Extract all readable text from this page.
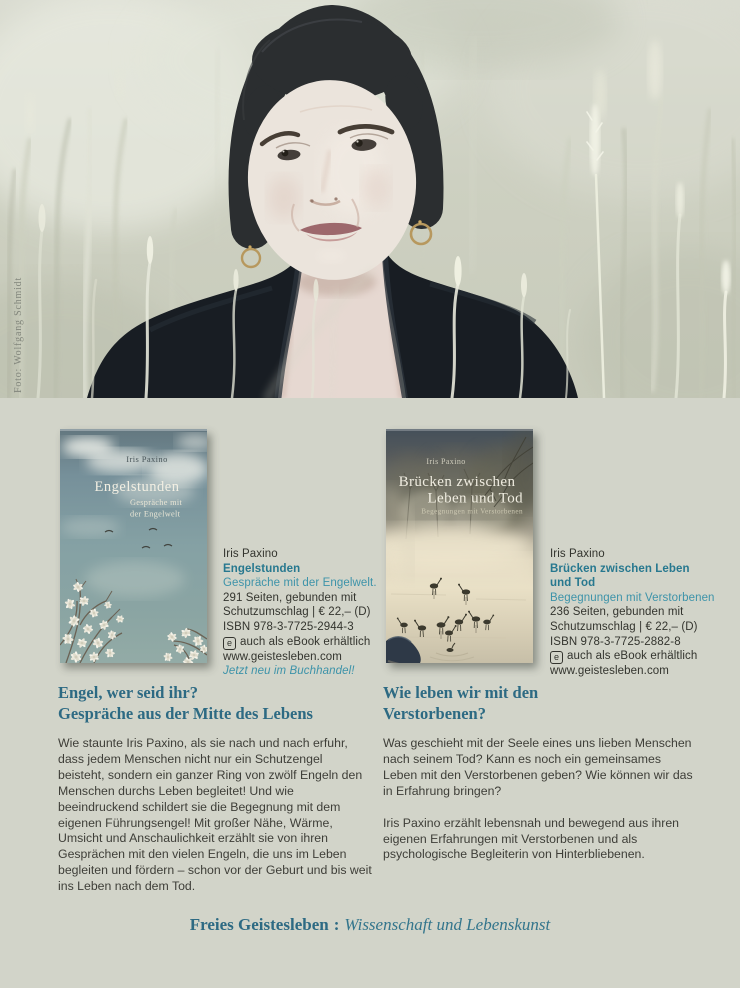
Foto: Wolfgang Schmidt
Iris Paxino
Engelstunden
Gespräche mit
der Engelwelt
Iris Paxino
Brücken zwischen
Leben und Tod
Begegnungen mit Verstorbenen
Iris Paxino
Engelstunden
Gespräche mit der Engelwelt.
291 Seiten, gebunden mit
Schutzumschlag | € 22,– (D)
ISBN 978-3-7725-2944-3
e auch als eBook erhältlich
www.geistesleben.com
Jetzt neu im Buchhandel!
Iris Paxino
Brücken zwischen Leben
und Tod
Begegnungen mit Verstorbenen
236 Seiten, gebunden mit
Schutzumschlag | € 22,– (D)
ISBN 978-3-7725-2882-8
e auch als eBook erhältlich
www.geistesleben.com
Engel, wer seid ihr?
Gespräche aus der Mitte des Lebens
Wie leben wir mit den
Verstorbenen?

Wie staunte Iris Paxino, als sie nach und nach erfuhr, dass jedem Menschen nicht nur ein Schutzengel beisteht, sondern ein ganzer Ring von zwölf Engeln den Menschen durchs Leben begleitet! Und wie beeindruckend schildert sie die Begegnung mit dem eigenen Führungsengel! Mit großer Nähe, Wärme, Umsicht und Anschaulichkeit erzählt sie von ihren Gesprächen mit den vielen Engeln, die uns im Leben begleiten und fördern – schon vor der Geburt und bis weit ins Leben nach dem Tod.

Was geschieht mit der Seele eines uns lieben Menschen nach seinem Tod? Kann es noch ein gemeinsames Leben mit den Verstorbenen geben? Wie können wir das in Erfahrung bringen?

Iris Paxino erzählt lebensnah und bewegend aus ihren eigenen Erfahrungen mit Verstorbenen und als psychologische Begleiterin von Hinterbliebenen.

Freies Geistesleben : Wissenschaft und Lebenskunst
